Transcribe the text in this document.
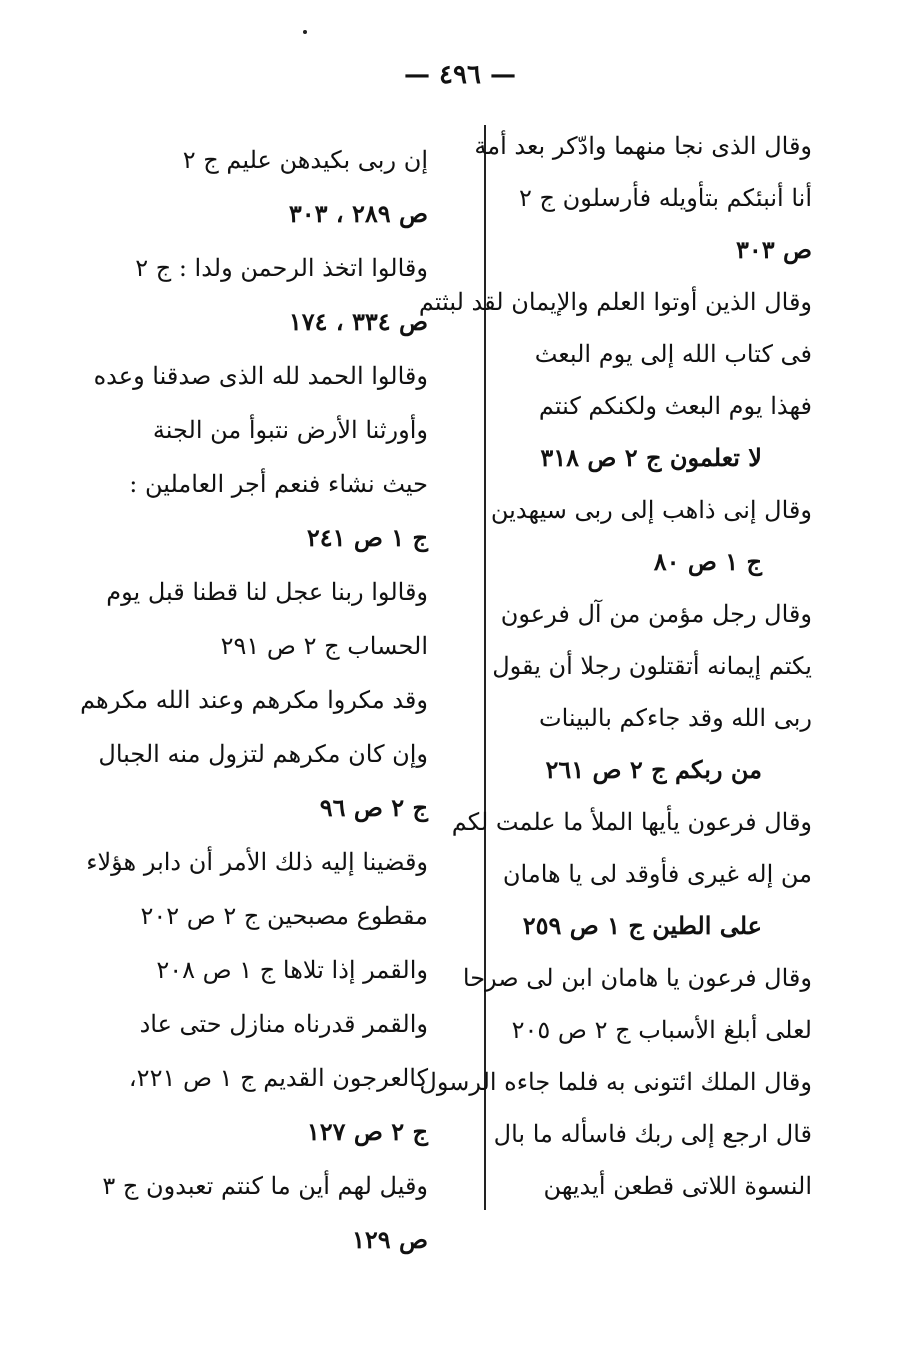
— ٤٩٦ —
وقال الذى نجا منهما وادّكر بعد أمة
أنا أنبئكم بتأويله فأرسلون ج ٢
ص ٣٠٣
وقال الذين أوتوا العلم والإيمان لقد لبثتم
فى كتاب الله إلى يوم البعث
فهذا يوم البعث ولكنكم كنتم
لا تعلمون ج ٢ ص ٣١٨
وقال إنى ذاهب إلى ربى سيهدين
ج ١ ص ٨٠
وقال رجل مؤمن من آل فرعون
يكتم إيمانه أتقتلون رجلا أن يقول
ربى الله وقد جاءكم بالبينات
من ربكم ج ٢ ص ٢٦١
وقال فرعون يأيها الملأ ما علمت لكم
من إله غيرى فأوقد لى يا هامان
على الطين ج ١ ص ٢٥٩
وقال فرعون يا هامان ابن لى صرحا
لعلى أبلغ الأسباب ج ٢ ص ٢٠٥
وقال الملك ائتونى به فلما جاءه الرسول
قال ارجع إلى ربك فاسأله ما بال
النسوة اللاتى قطعن أيديهن
إن ربى بكيدهن عليم ج ٢
ص ٢٨٩ ، ٣٠٣
وقالوا اتخذ الرحمن ولدا : ج ٢
ص ٣٣٤ ، ١٧٤
وقالوا الحمد لله الذى صدقنا وعده
وأورثنا الأرض نتبوأ من الجنة
حيث نشاء فنعم أجر العاملين :
ج ١ ص ٢٤١
وقالوا ربنا عجل لنا قطنا قبل يوم
الحساب ج ٢ ص ٢٩١
وقد مكروا مكرهم وعند الله مكرهم
وإن كان مكرهم لتزول منه الجبال
ج ٢ ص ٩٦
وقضينا إليه ذلك الأمر أن دابر هؤلاء
مقطوع مصبحين ج ٢ ص ٢٠٢
والقمر إذا تلاها ج ١ ص ٢٠٨
والقمر قدرناه منازل حتى عاد
كالعرجون القديم ج ١ ص ٢٢١،
ج ٢ ص ١٢٧
وقيل لهم أين ما كنتم تعبدون ج ٣
ص ١٢٩
